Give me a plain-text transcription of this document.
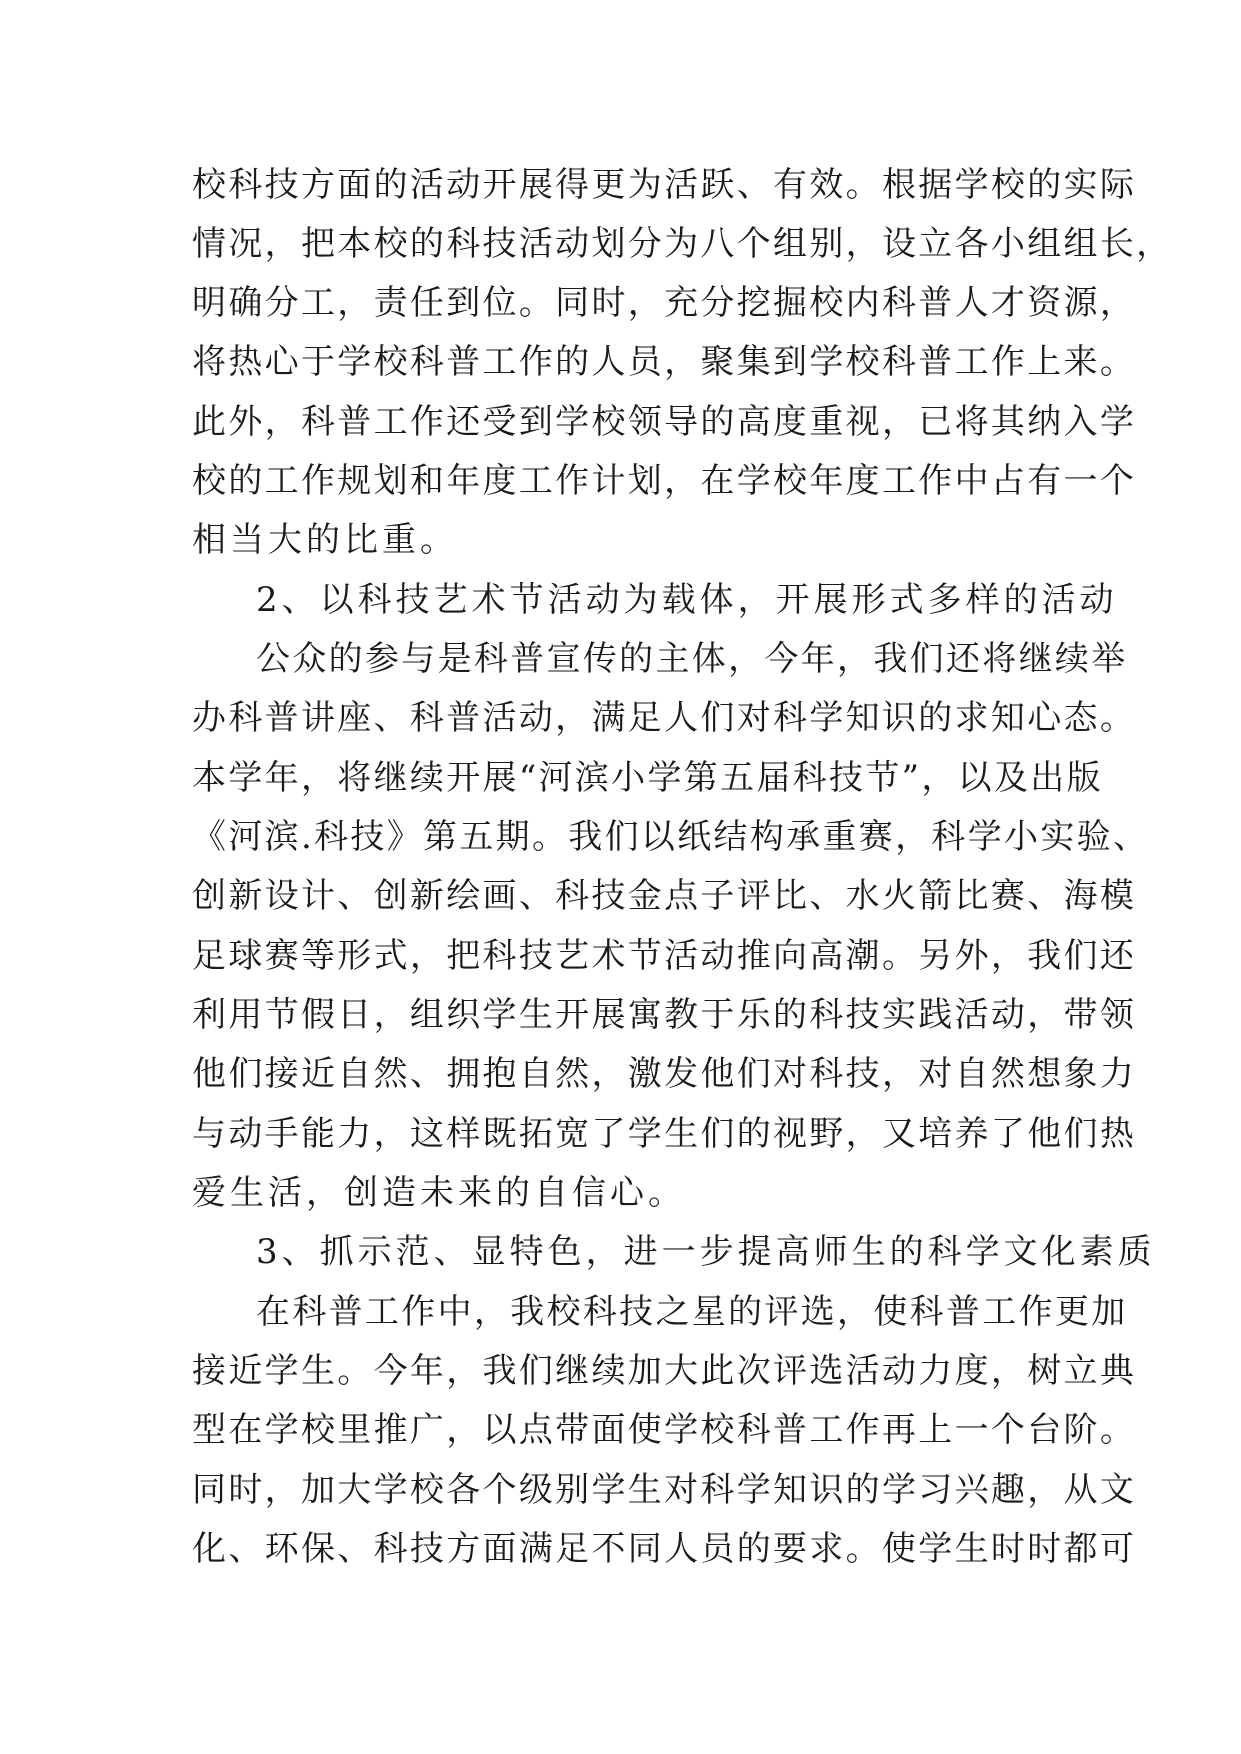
校 科 技 方 面 的 活 动 开 展 得 更 为 活 跃 、 有 效 。 根 据 学 校 的 实 际
情 况 ， 把 本 校 的 科 技 活 动 划 分 为 八 个 组 别 ， 设 立 各 小 组 组 长 ，
明 确 分 工 ， 责 任 到 位 。 同 时 ， 充 分 挖 掘 校 内 科 普 人 才 资 源 ，
将 热 心 于 学 校 科 普 工 作 的 人 员 ， 聚 集 到 学 校 科 普 工 作 上 来 。
此 外 ， 科 普 工 作 还 受 到 学 校 领 导 的 高 度 重 视 ， 已 将 其 纳 入 学
校 的 工 作 规 划 和 年 度 工 作 计 划 ， 在 学 校 年 度 工 作 中 占 有 一 个
相当大的比重。
2、以科技艺术节活动为载体，开展形式多样的活动
公 众 的 参 与 是 科 普 宣 传 的 主 体 ， 今 年 ， 我 们 还 将 继 续 举
办 科 普 讲 座 、 科 普 活 动 ， 满 足 人 们 对 科 学 知 识 的 求 知 心 态 。
本 学 年 ， 将 继 续 开 展 “ 河 滨 小 学 第 五 届 科 技 节 ” ， 以 及 出 版
《 河 滨 . 科 技 》 第 五 期 。 我 们 以 纸 结 构 承 重 赛 ， 科 学 小 实 验 、
创 新 设 计 、 创 新 绘 画 、 科 技 金 点 子 评 比 、 水 火 箭 比 赛 、 海 模
足 球 赛 等 形 式 ， 把 科 技 艺 术 节 活 动 推 向 高 潮 。 另 外 ， 我 们 还
利 用 节 假 日 ， 组 织 学 生 开 展 寓 教 于 乐 的 科 技 实 践 活 动 ， 带 领
他 们 接 近 自 然 、 拥 抱 自 然 ， 激 发 他 们 对 科 技 ， 对 自 然 想 象 力
与 动 手 能 力 ， 这 样 既 拓 宽 了 学 生 们 的 视 野 ， 又 培 养 了 他 们 热
爱生活，创造未来的自信心。
3、抓示范、显特色，进一步提高师生的科学文化素质
在 科 普 工 作 中 ， 我 校 科 技 之 星 的 评 选 ， 使 科 普 工 作 更 加
接 近 学 生 。 今 年 ， 我 们 继 续 加 大 此 次 评 选 活 动 力 度 ， 树 立 典
型 在 学 校 里 推 广 ， 以 点 带 面 使 学 校 科 普 工 作 再 上 一 个 台 阶 。
同 时 ， 加 大 学 校 各 个 级 别 学 生 对 科 学 知 识 的 学 习 兴 趣 ， 从 文
化 、 环 保 、 科 技 方 面 满 足 不 同 人 员 的 要 求 。 使 学 生 时 时 都 可
